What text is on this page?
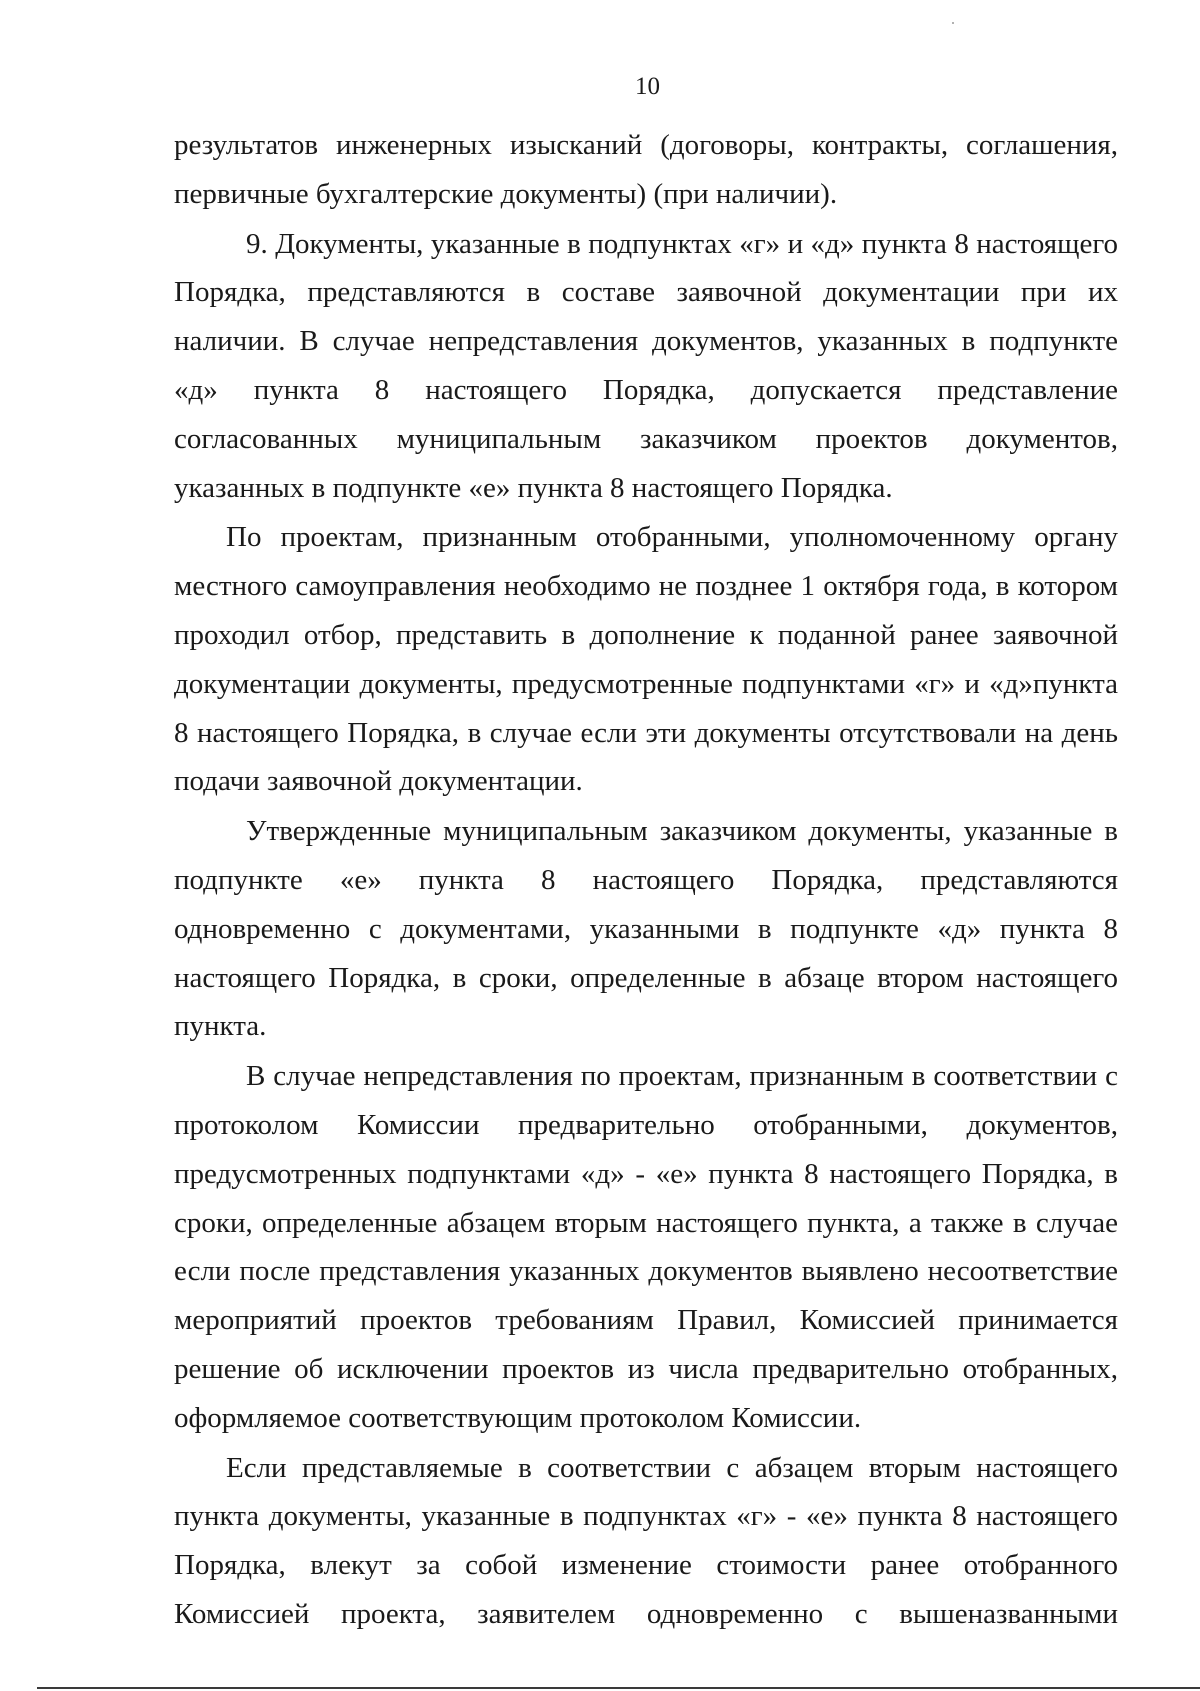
10

результатов инженерных изысканий (договоры, контракты, соглашения, первичные бухгалтерские документы) (при наличии).

9. Документы, указанные в подпунктах «г» и «д» пункта 8 настоящего Порядка, представляются в составе заявочной документации при их наличии. В случае непредставления документов, указанных в подпункте «д» пункта 8 настоящего Порядка, допускается представление согласованных муниципальным заказчиком проектов документов, указанных в подпункте «е» пункта 8 настоящего Порядка.

По проектам, признанным отобранными, уполномоченному органу местного самоуправления необходимо не позднее 1 октября года, в котором проходил отбор, представить в дополнение к поданной ранее заявочной документации документы, предусмотренные подпунктами «г» и «д»пункта 8 настоящего Порядка, в случае если эти документы отсутствовали на день подачи заявочной документации.

Утвержденные муниципальным заказчиком документы, указанные в подпункте «е» пункта 8 настоящего Порядка, представляются одновременно с документами, указанными в подпункте «д» пункта 8 настоящего Порядка, в сроки, определенные в абзаце втором настоящего пункта.

В случае непредставления по проектам, признанным в соответствии с протоколом Комиссии предварительно отобранными, документов, предусмотренных подпунктами «д» - «е» пункта 8 настоящего Порядка, в сроки, определенные абзацем вторым настоящего пункта, а также в случае если после представления указанных документов выявлено несоответствие мероприятий проектов требованиям Правил, Комиссией принимается решение об исключении проектов из числа предварительно отобранных, оформляемое соответствующим протоколом Комиссии.

Если представляемые в соответствии с абзацем вторым настоящего пункта документы, указанные в подпунктах «г» - «е» пункта 8 настоящего Порядка, влекут за собой изменение стоимости ранее отобранного Комиссией проекта, заявителем одновременно с вышеназванными
